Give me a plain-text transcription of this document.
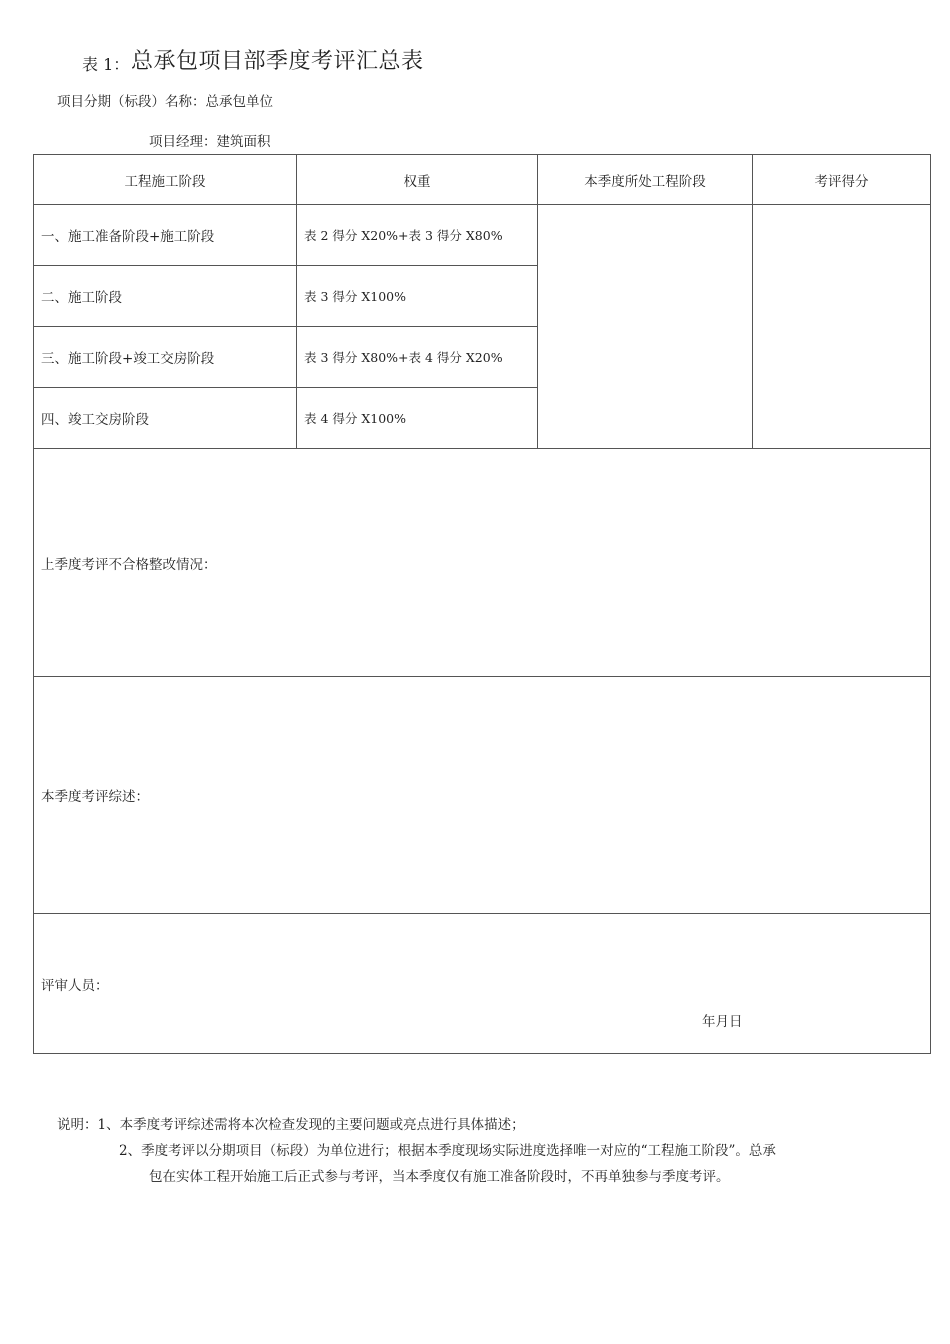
表 1： 总承包项目部季度考评汇总表
项目分期（标段）名称：总承包单位
项目经理：建筑面积
工程施工阶段	权重	本季度所处工程阶段	考评得分
一、施工准备阶段+施工阶段	表 2 得分 X20%+表 3 得分 X80%		
二、施工阶段	表 3 得分 X100%		
三、施工阶段+竣工交房阶段	表 3 得分 X80%+表 4 得分 X20%		
四、竣工交房阶段	表 4 得分 X100%		
上季度考评不合格整改情况：			
本季度考评综述：			
评审人员：
年月日			
说明：1、本季度考评综述需将本次检查发现的主要问题或亮点进行具体描述；
2、季度考评以分期项目（标段）为单位进行；根据本季度现场实际进度选择唯一对应的“工程施工阶段”。总承
包在实体工程开始施工后正式参与考评，当本季度仅有施工准备阶段时，不再单独参与季度考评。
